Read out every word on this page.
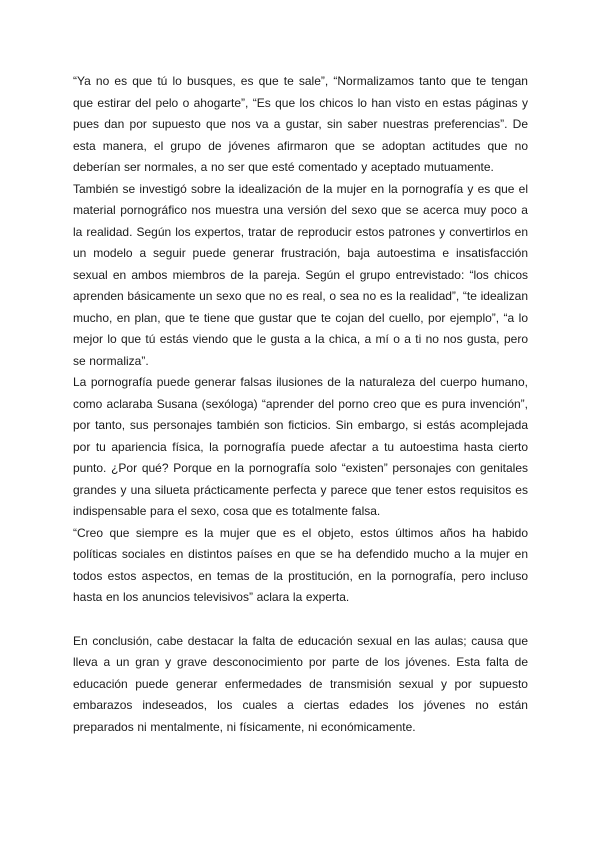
“Ya no es que tú lo busques, es que te sale”, “Normalizamos tanto que te tengan que estirar del pelo o ahogarte”, “Es que los chicos lo han visto en estas páginas y pues dan por supuesto que nos va a gustar, sin saber nuestras preferencias”. De esta manera, el grupo de jóvenes afirmaron que se adoptan actitudes que no deberían ser normales, a no ser que esté comentado y aceptado mutuamente.

También se investigó sobre la idealización de la mujer en la pornografía y es que el material pornográfico nos muestra una versión del sexo que se acerca muy poco a la realidad. Según los expertos, tratar de reproducir estos patrones y convertirlos en un modelo a seguir puede generar frustración, baja autoestima e insatisfacción sexual en ambos miembros de la pareja. Según el grupo entrevistado: “los chicos aprenden básicamente un sexo que no es real, o sea no es la realidad”, “te idealizan mucho, en plan, que te tiene que gustar que te cojan del cuello, por ejemplo”, “a lo mejor lo que tú estás viendo que le gusta a la chica, a mí o a ti no nos gusta, pero se normaliza”.

La pornografía puede generar falsas ilusiones de la naturaleza del cuerpo humano, como aclaraba Susana (sexóloga) “aprender del porno creo que es pura invención”, por tanto, sus personajes también son ficticios. Sin embargo, si estás acomplejada por tu apariencia física, la pornografía puede afectar a tu autoestima hasta cierto punto. ¿Por qué? Porque en la pornografía solo “existen” personajes con genitales grandes y una silueta prácticamente perfecta y parece que tener estos requisitos es indispensable para el sexo, cosa que es totalmente falsa.

“Creo que siempre es la mujer que es el objeto, estos últimos años ha habido políticas sociales en distintos países en que se ha defendido mucho a la mujer en todos estos aspectos, en temas de la prostitución, en la pornografía, pero incluso hasta en los anuncios televisivos” aclara la experta.

En conclusión, cabe destacar la falta de educación sexual en las aulas; causa que lleva a un gran y grave desconocimiento por parte de los jóvenes. Esta falta de educación puede generar enfermedades de transmisión sexual y por supuesto embarazos indeseados, los cuales a ciertas edades los jóvenes no están preparados ni mentalmente, ni físicamente, ni económicamente.
